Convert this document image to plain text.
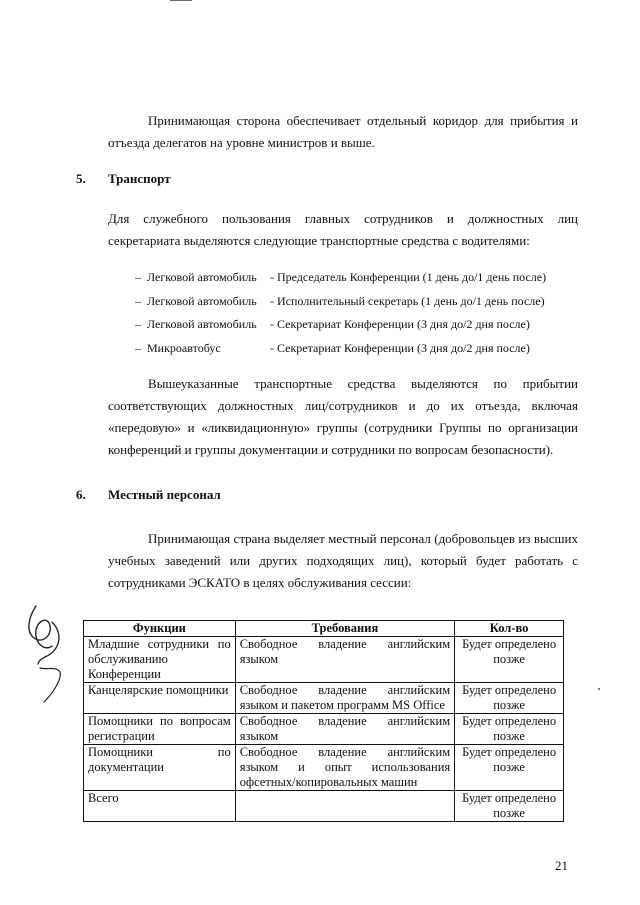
Принимающая сторона обеспечивает отдельный коридор для прибытия и отъезда делегатов на уровне министров и выше.

5. Транспорт

Для служебного пользования главных сотрудников и должностных лиц секретариата выделяются следующие транспортные средства с водителями:

– Легковой автомобиль - Председатель Конференции (1 день до/1 день после)
– Легковой автомобиль - Исполнительный секретарь (1 день до/1 день после)
– Легковой автомобиль - Секретариат Конференции (3 дня до/2 дня после)
– Микроавтобус	- Секретариат Конференции (3 дня до/2 дня после)

Вышеуказанные транспортные средства выделяются по прибытии соответствующих должностных лиц/сотрудников и до их отъезда, включая «передовую» и «ликвидационную» группы (сотрудники Группы по организации конференций и группы документации и сотрудники по вопросам безопасности).

6. Местный персонал

Принимающая страна выделяет местный персонал (добровольцев из высших учебных заведений или других подходящих лиц), который будет работать с сотрудниками ЭСКАТО в целях обслуживания сессии:

Функции	Требования	Кол-во
Младшие сотрудники по обслуживанию Конференции	Свободное владение английским языком	Будет определено позже
Канцелярские помощники	Свободное владение английским языком и пакетом программ MS Office	Будет определено позже
Помощники по вопросам регистрации	Свободное владение английским языком	Будет определено позже
Помощники по документации	Свободное владение английским языком и опыт использования офсетных/копировальных машин	Будет определено позже
Всего		Будет определено позже
21
